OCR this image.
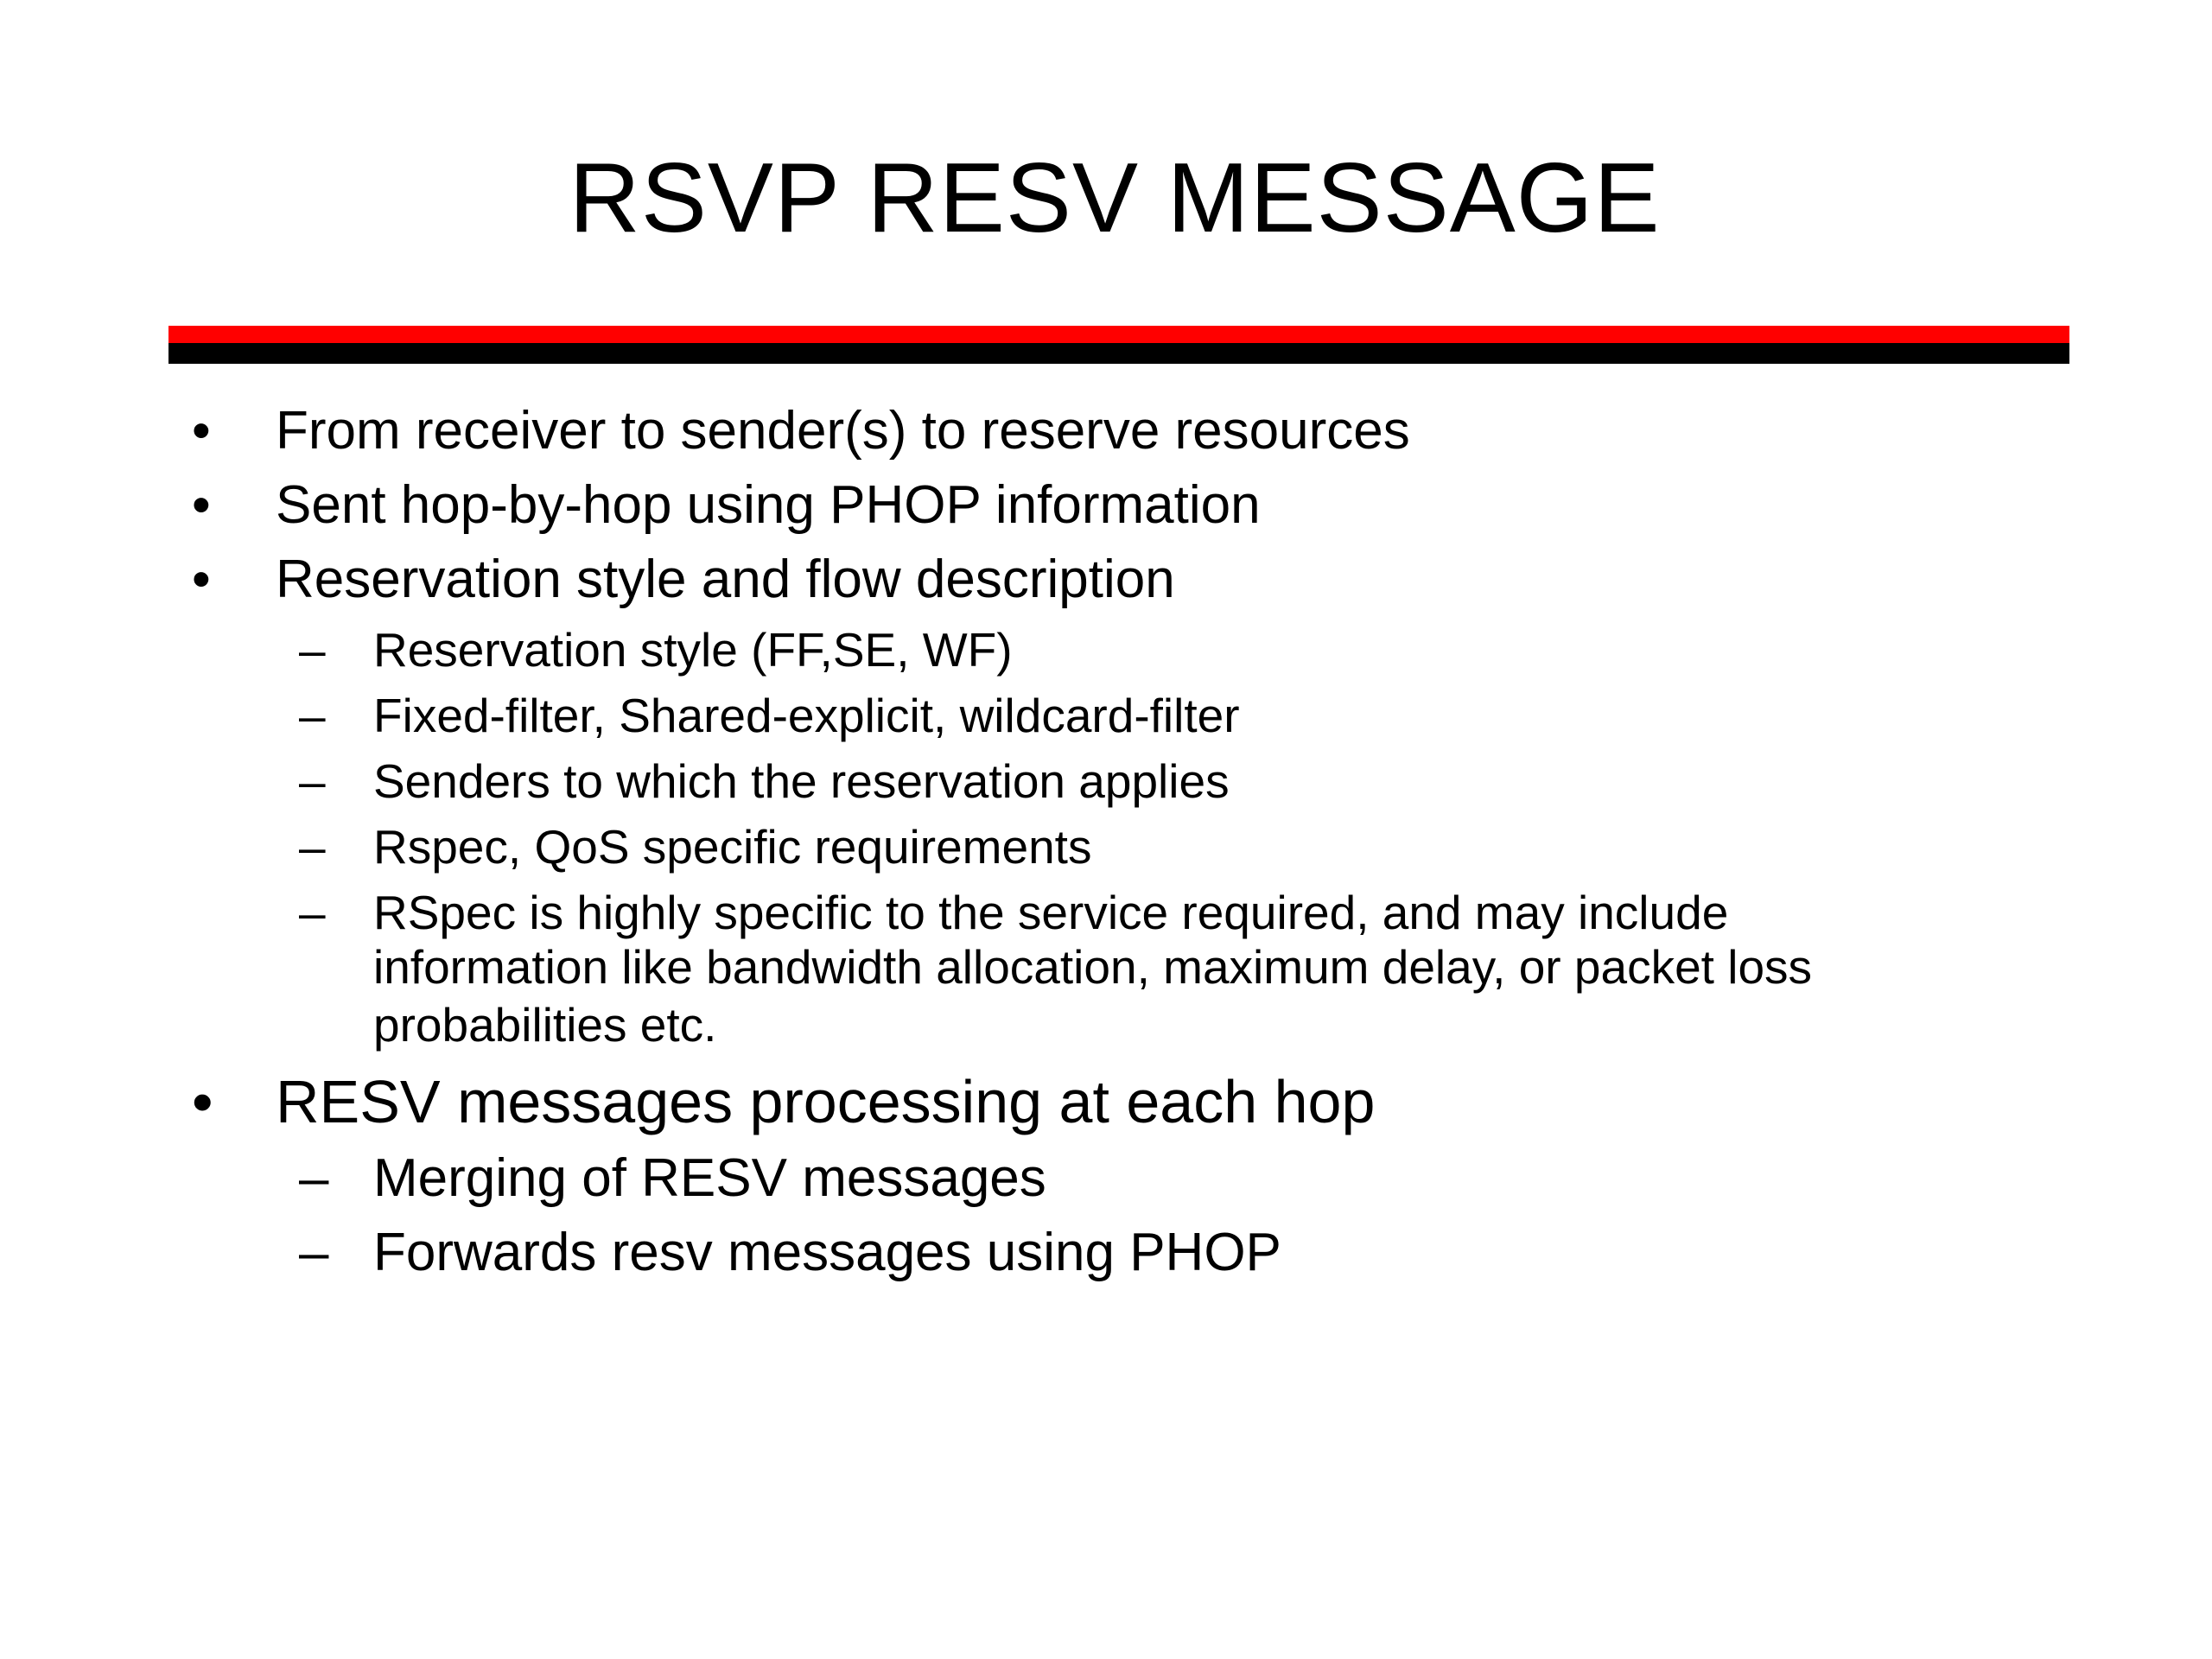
RSVP RESV MESSAGE
• From receiver to sender(s) to reserve resources
• Sent hop-by-hop using PHOP information
• Reservation style and flow description
–	Reservation style (FF,SE, WF)
–	Fixed-filter, Shared-explicit, wildcard-filter
–	Senders to which the reservation applies
–	Rspec, QoS specific requirements
–	RSpec is highly specific to the service required, and may include
information like bandwidth allocation, maximum delay, or packet loss
probabilities etc.
• RESV messages processing at each hop
– Merging of RESV messages
– Forwards resv messages using PHOP
